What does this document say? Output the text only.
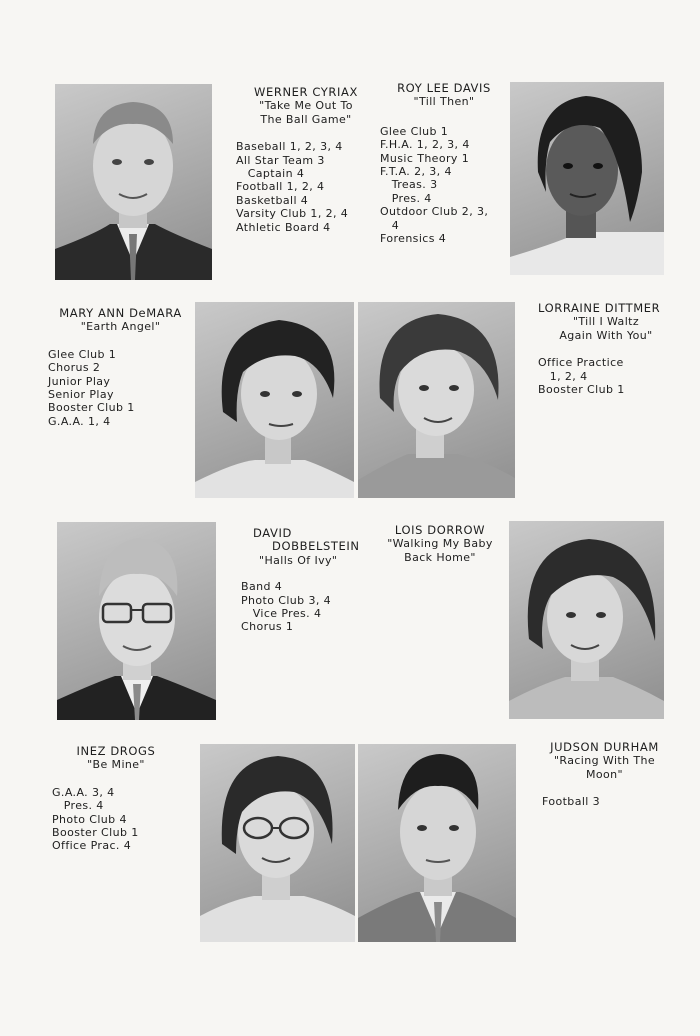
WERNER CYRIAX
"Take Me Out To
The Ball Game"
Baseball 1, 2, 3, 4
All Star Team 3
Captain 4
Football 1, 2, 4
Basketball 4
Varsity Club 1, 2, 4
Athletic Board 4
ROY LEE DAVIS
"Till Then"
Glee Club 1
F.H.A. 1, 2, 3, 4
Music Theory 1
F.T.A. 2, 3, 4
Treas. 3
Pres. 4
Outdoor Club 2, 3,
4
Forensics 4
MARY ANN DeMARA
"Earth Angel"
Glee Club 1
Chorus 2
Junior Play
Senior Play
Booster Club 1
G.A.A. 1, 4
LORRAINE DITTMER
"Till I Waltz
Again With You"
Office Practice
1, 2, 4
Booster Club 1
DAVID
DOBBELSTEIN
"Halls Of Ivy"
Band 4
Photo Club 3, 4
Vice Pres. 4
Chorus 1
LOIS DORROW
"Walking My Baby
Back Home"
INEZ DROGS
"Be Mine"
G.A.A. 3, 4
Pres. 4
Photo Club 4
Booster Club 1
Office Prac. 4
JUDSON DURHAM
"Racing With The
Moon"
Football 3
